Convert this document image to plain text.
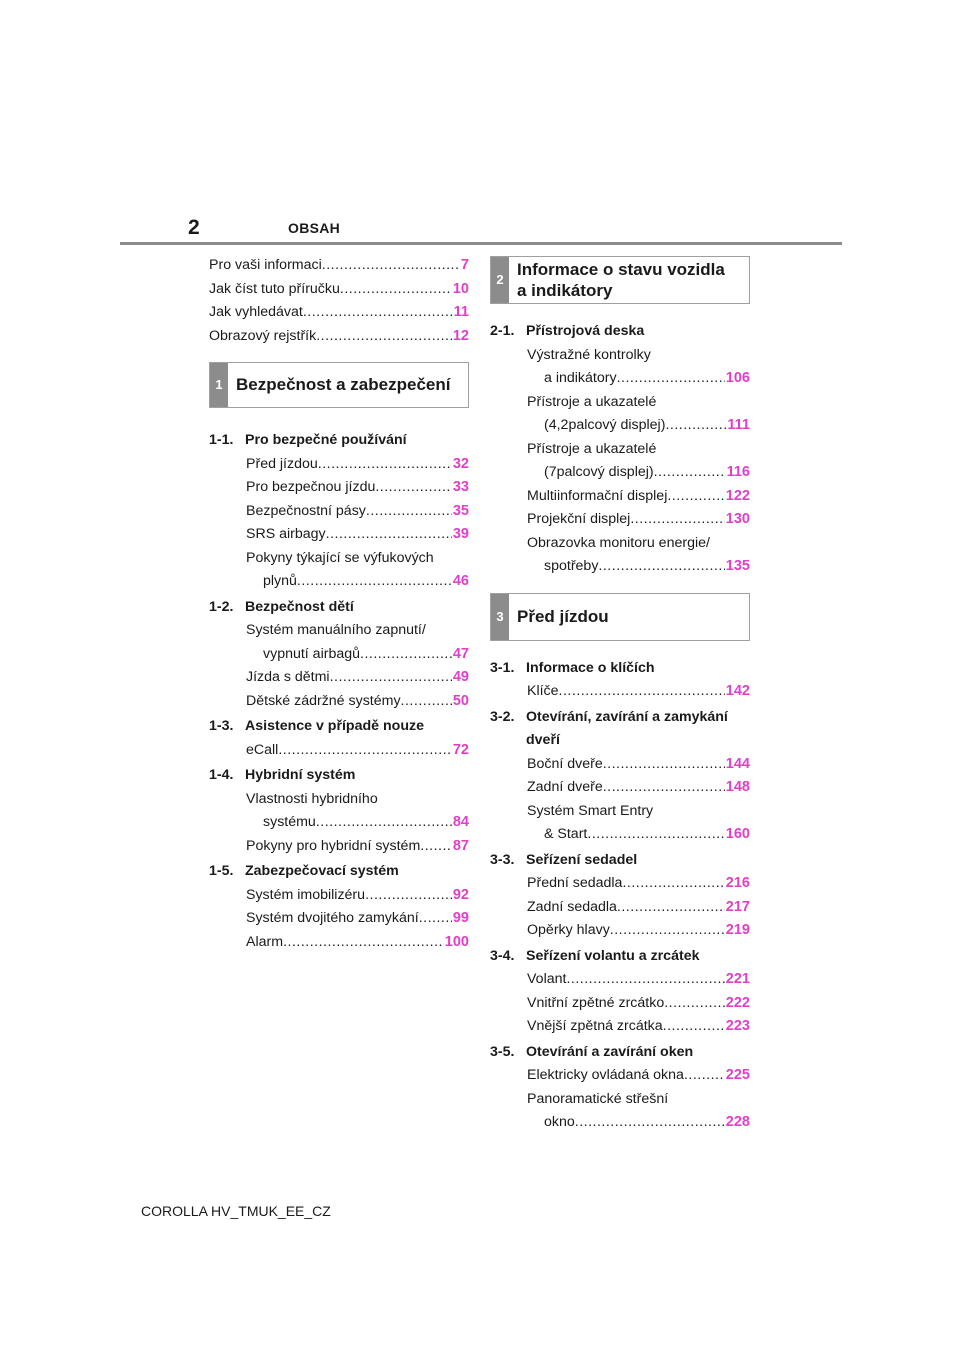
2	OBSAH
Pro vaši informaci .....	7
Jak číst tuto příručku .....	10
Jak vyhledávat .....	11
Obrazový rejstřík .....	12
1 Bezpečnost a zabezpečení
1-1. Pro bezpečné používání
Před jízdou .....	32
Pro bezpečnou jízdu .....	33
Bezpečnostní pásy .....	35
SRS airbagy .....	39
Pokyny týkající se výfukových
plynů .....	46
1-2. Bezpečnost dětí
Systém manuálního zapnutí/
vypnutí airbagů .....	47
Jízda s dětmi .....	49
Dětské zádržné systémy .....	50
1-3. Asistence v případě nouze
eCall .....	72
1-4. Hybridní systém
Vlastnosti hybridního
systému .....	84
Pokyny pro hybridní systém ..... 87
1-5. Zabezpečovací systém
Systém imobilizéru .....	92
Systém dvojitého zamykání ..... 99
Alarm .....	100
2
Informace o stavu vozidla
a indikátory
2-1. Přístrojová deska
Výstražné kontrolky
a indikátory .....	106
Přístroje a ukazatelé
(4,2palcový displej) .....	111
Přístroje a ukazatelé
(7palcový displej) .....	116
Multiinformační displej .....	122
Projekční displej .....	130
Obrazovka monitoru energie/
spotřeby .....	135
3 Před jízdou
3-1. Informace o klíčích
Klíče .....	142
3-2. Otevírání, zavírání a zamykání dveří
Boční dveře .....	144
Zadní dveře .....	148
Systém Smart Entry
& Start .....	160
3-3. Seřízení sedadel
Přední sedadla .....	216
Zadní sedadla .....	217
Opěrky hlavy .....	219
3-4. Seřízení volantu a zrcátek
Volant .....	221
Vnitřní zpětné zrcátko .....	222
Vnější zpětná zrcátka .....	223
3-5. Otevírání a zavírání oken
Elektricky ovládaná okna .....	225
Panoramatické střešní
okno .....	228
COROLLA HV_TMUK_EE_CZ
